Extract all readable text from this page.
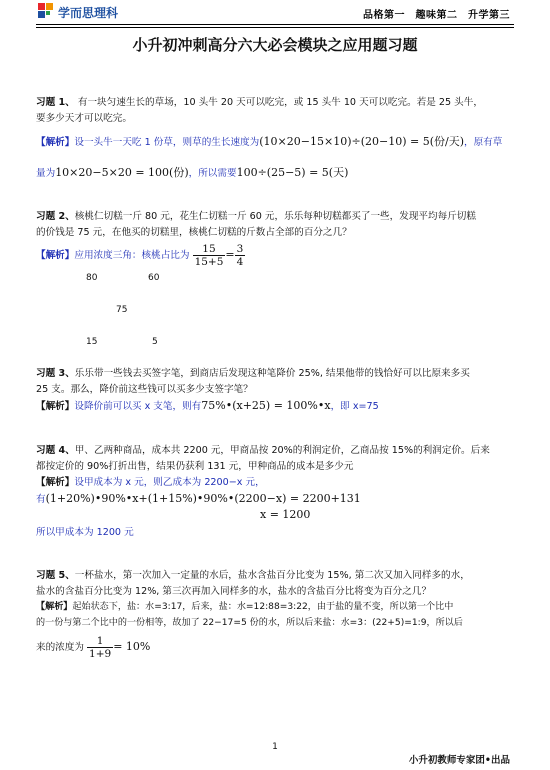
学而思理科	品格第一　趣味第二　升学第三
小升初冲刺高分六大必会模块之应用题习题
习题 1、 有一块匀速生长的草场，10 头牛 20 天可以吃完，或 15 头牛 10 天可以吃完。若是 25 头牛，
要多少天才可以吃完。
【解析】设一头牛一天吃 1 份草，则草的生长速度为(10×20−15×10)÷(20−10) = 5(份/天)，原有草
量为10×20−5×20 = 100(份)，所以需要100÷(25−5) = 5(天)
习题 2、核桃仁切糕一斤 80 元，花生仁切糕一斤 60 元，乐乐每种切糕都买了一些，发现平均每斤切糕
的价钱是 75 元，在他买的切糕里，核桃仁切糕的斤数占全部的百分之几？
【解析】应用浓度三角：核桃占比为 $\frac{15}{15+5} = \frac{3}{4}$
80	60
75
15	5
习题 3、乐乐带一些钱去买签字笔，到商店后发现这种笔降价 25%, 结果他带的钱恰好可以比原来多买
25 支。那么，降价前这些钱可以买多少支签字笔？
【解析】设降价前可以买 x 支笔，则有75%•(x+25) = 100%•x，即 x=75
习题 4、甲、乙两种商品，成本共 2200 元，甲商品按 20%的利润定价，乙商品按 15%的利润定价。后来
都按定价的 90%打折出售，结果仍获利 131 元，甲种商品的成本是多少元
【解析】设甲成本为 x 元，则乙成本为 2200−x 元，
有(1+20%)•90%•x+(1+15%)•90%•(2200−x) = 2200+131
x = 1200
所以甲成本为 1200 元
习题 5、一杯盐水，第一次加入一定量的水后，盐水含盐百分比变为 15%, 第二次又加入同样多的水，
盐水的含盐百分比变为 12%, 第三次再加入同样多的水，盐水的含盐百分比将变为百分之几？
【解析】起始状态下，盐：水=3:17，后来，盐：水=12:88=3:22，由于盐的量不变，所以第一个比中
的一份与第二个比中的一份相等，故加了 22−17=5 份的水，所以后来盐：水=3：(22+5)=1:9，所以后
来的浓度为 $\frac{1}{1+9} = 10\%$
1
小升初教师专家团•出品
